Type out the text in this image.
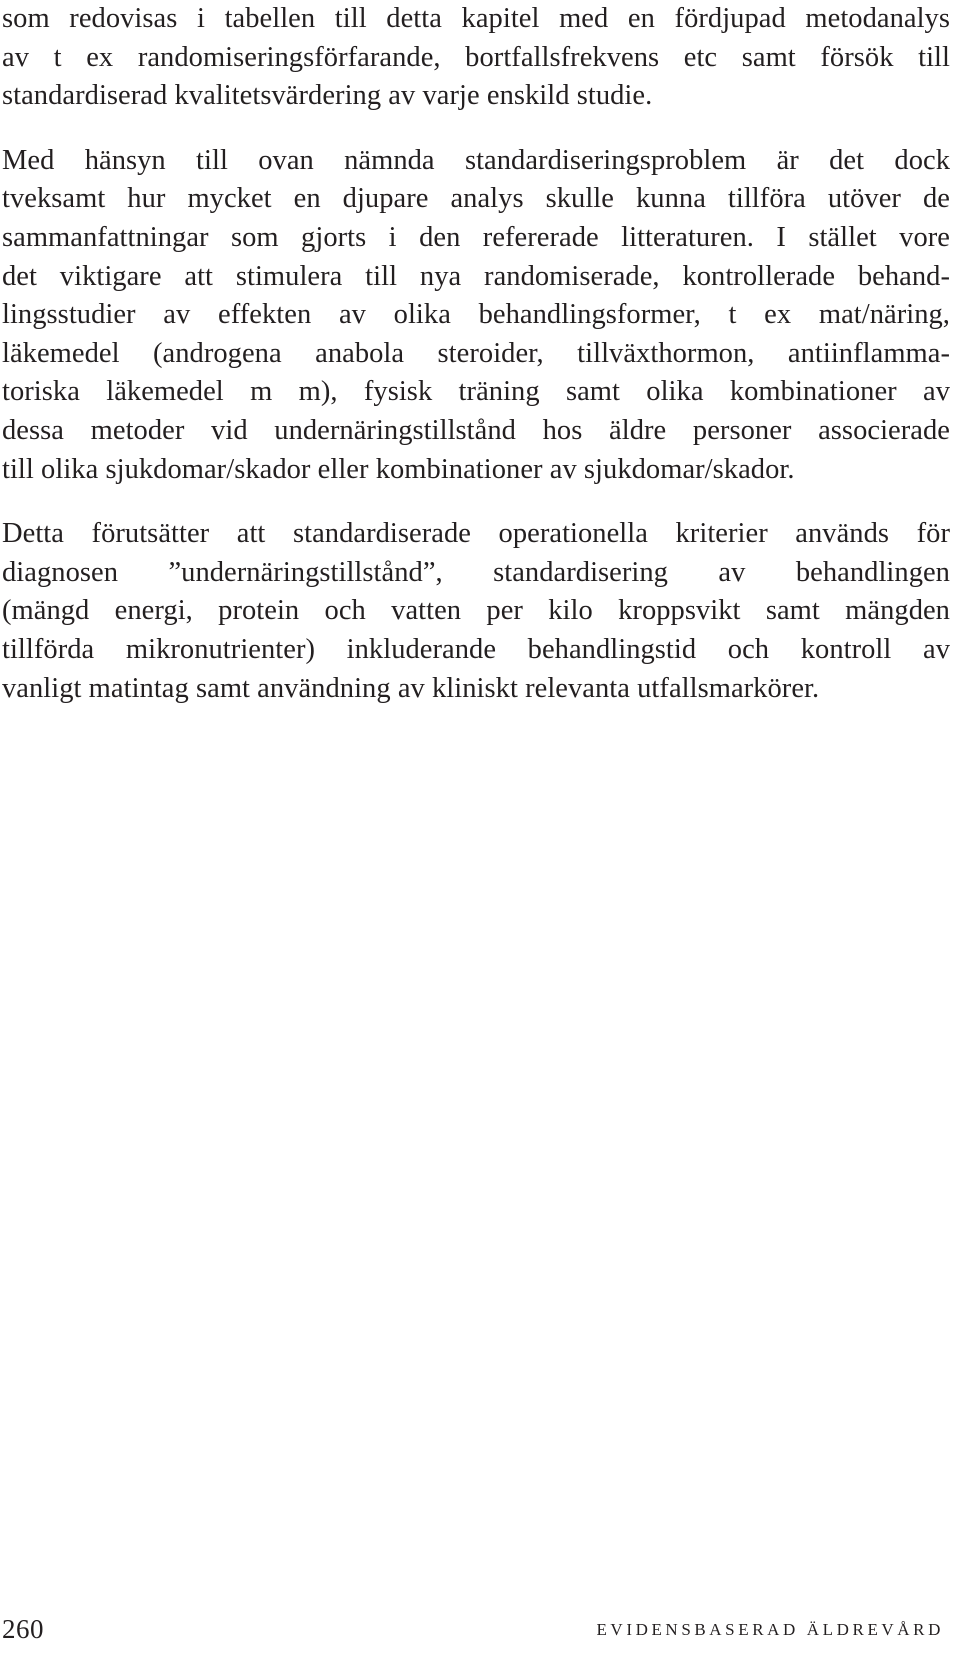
som redovisas i tabellen till detta kapitel med en fördjupad metodanalys
av t ex randomiseringsförfarande, bortfallsfrekvens etc samt försök till
standardiserad kvalitetsvärdering av varje enskild studie.

Med hänsyn till ovan nämnda standardiseringsproblem är det dock
tveksamt hur mycket en djupare analys skulle kunna tillföra utöver de
sammanfattningar som gjorts i den refererade litteraturen. I stället vore
det viktigare att stimulera till nya randomiserade, kontrollerade behand-
lingsstudier av effekten av olika behandlingsformer, t ex mat/näring,
läkemedel (androgena anabola steroider, tillväxthormon, antiinflamma-
toriska läkemedel m m), fysisk träning samt olika kombinationer av
dessa metoder vid undernäringstillstånd hos äldre personer associerade
till olika sjukdomar/skador eller kombinationer av sjukdomar/skador.

Detta förutsätter att standardiserade operationella kriterier används för
diagnosen ”undernäringstillstånd”, standardisering av behandlingen
(mängd energi, protein och vatten per kilo kroppsvikt samt mängden
tillförda mikronutrienter) inkluderande behandlingstid och kontroll av
vanligt matintag samt användning av kliniskt relevanta utfallsmarkörer.

260	EVIDENSBASERAD ÄLDREVÅRD
